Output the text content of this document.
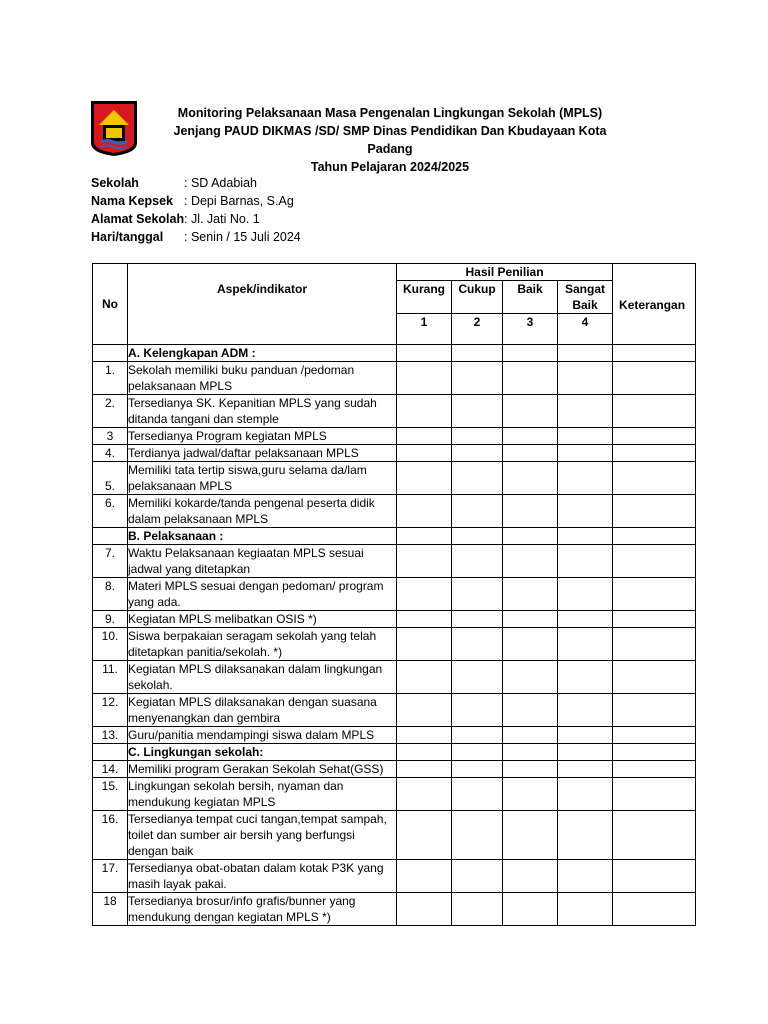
Monitoring Pelaksanaan Masa Pengenalan Lingkungan Sekolah (MPLS)
Jenjang PAUD DIKMAS /SD/ SMP Dinas Pendidikan Dan Kbudayaan Kota Padang
Tahun Pelajaran 2024/2025
Sekolah	: SD Adabiah
Nama Kepsek : Depi Barnas, S.Ag
Alamat Sekolah : Jl. Jati No. 1
Hari/tanggal	: Senin / 15 Juli 2024
No	Aspek/indikator	Hasil Penilian				Keterangan
		Kurang	Cukup	Baik	Sangat Baik	
		1	2	3	4	
	A. Kelengkapan ADM :					
1.	Sekolah memiliki buku panduan /pedoman pelaksanaan MPLS					
2.	Tersedianya SK. Kepanitian MPLS yang sudah ditanda tangani dan stemple					
3	Tersedianya Program kegiatan MPLS					
4.	Terdianya jadwal/daftar pelaksanaan MPLS					
5.	Memiliki tata tertip siswa,guru selama da/lam pelaksanaan MPLS					
6.	Memiliki kokarde/tanda pengenal peserta didik dalam pelaksanaan MPLS					
	B. Pelaksanaan :					
7.	Waktu Pelaksanaan kegiaatan MPLS sesuai jadwal yang ditetapkan					
8.	Materi MPLS sesuai dengan pedoman/ program yang ada.					
9.	Kegiatan MPLS melibatkan OSIS *)					
10.	Siswa berpakaian seragam sekolah yang telah ditetapkan panitia/sekolah. *)					
11.	Kegiatan MPLS dilaksanakan dalam lingkungan sekolah.					
12.	Kegiatan MPLS dilaksanakan dengan suasana menyenangkan dan gembira					
13.	Guru/panitia mendampingi siswa dalam MPLS					
	C. Lingkungan sekolah:					
14.	Memiliki program Gerakan Sekolah Sehat(GSS)					
15.	Lingkungan sekolah bersih, nyaman dan mendukung kegiatan MPLS					
16.	Tersedianya tempat cuci tangan,tempat sampah, toilet dan sumber air bersih yang berfungsi dengan baik					
17.	Tersedianya obat-obatan dalam kotak P3K yang masih layak pakai.					
18	Tersedianya brosur/info grafis/bunner yang mendukung dengan kegiatan MPLS *)					
